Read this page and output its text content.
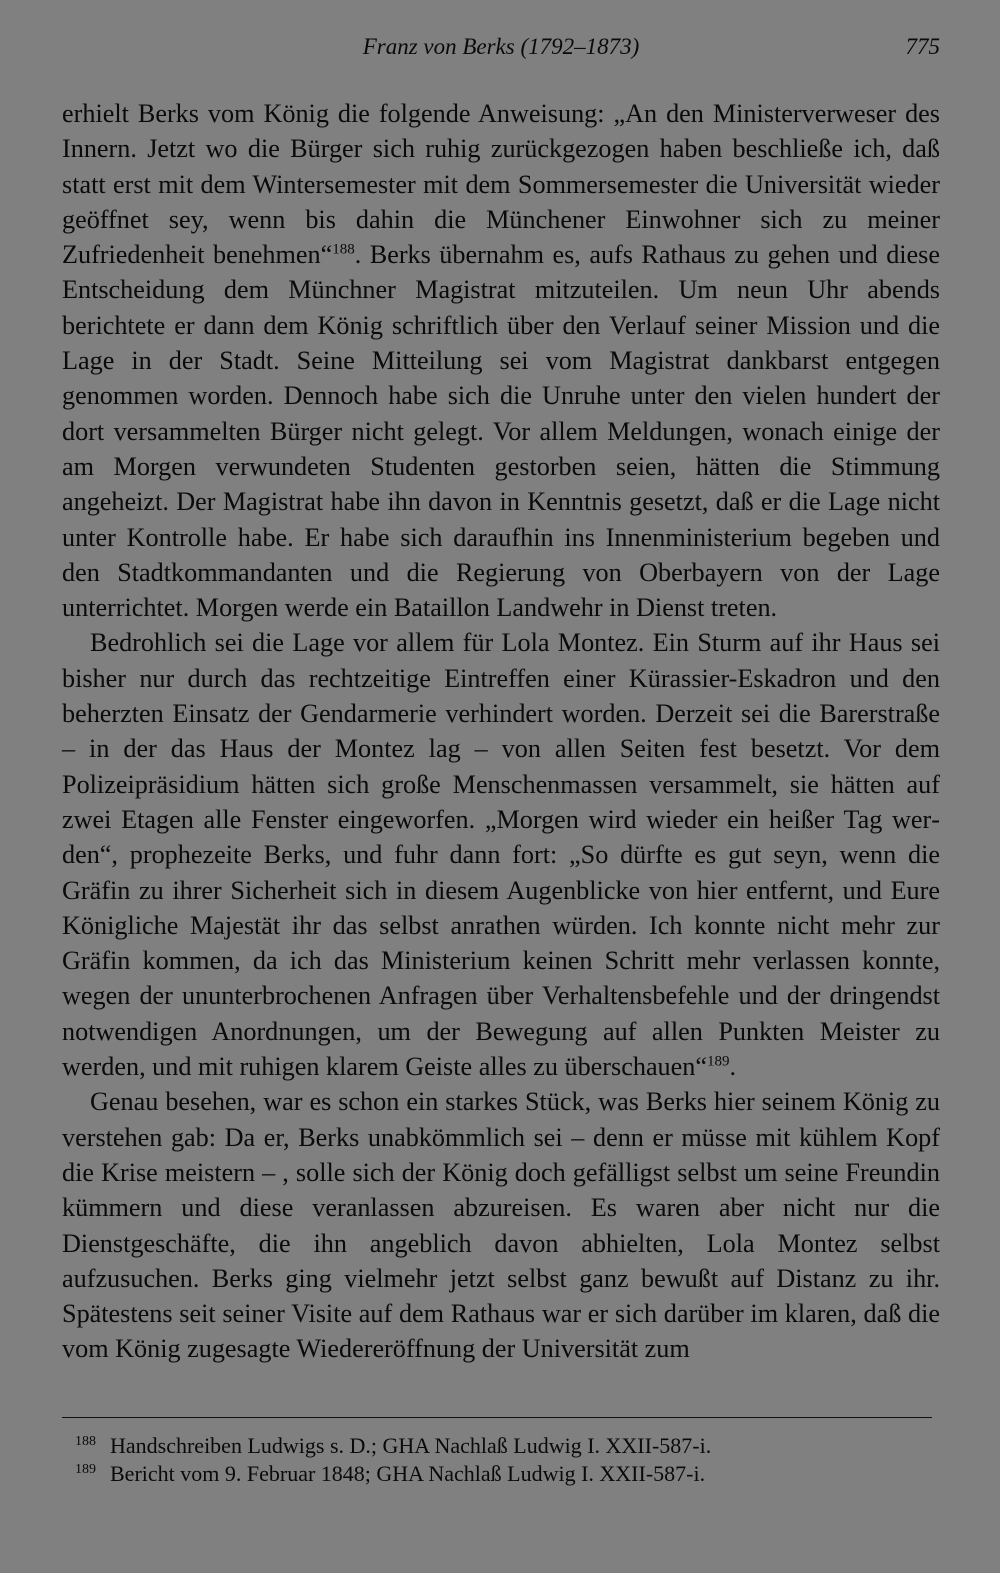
Franz von Berks (1792–1873)	775

erhielt Berks vom König die folgende Anweisung: „An den Ministerverweser des Innern. Jetzt wo die Bürger sich ruhig zurückgezogen haben beschließe ich, daß statt erst mit dem Wintersemester mit dem Sommersemester die Universität wieder geöffnet sey, wenn bis dahin die Münchener Einwohner sich zu meiner Zufriedenheit benehmen“$^{188}$. Berks übernahm es, aufs Rathaus zu gehen und diese Entscheidung dem Münchner Magistrat mitzuteilen. Um neun Uhr abends berichtete er dann dem König schriftlich über den Verlauf seiner Mission und die Lage in der Stadt. Seine Mitteilung sei vom Magistrat dankbarst entgegen genommen worden. Dennoch habe sich die Unruhe unter den vielen hundert der dort versammelten Bürger nicht gelegt. Vor allem Meldungen, wonach einige der am Morgen verwundeten Studenten gestorben seien, hätten die Stimmung angeheizt. Der Magistrat habe ihn davon in Kenntnis gesetzt, daß er die Lage nicht unter Kontrolle habe. Er habe sich daraufhin ins Innenministerium begeben und den Stadtkommandanten und die Regierung von Oberbayern von der Lage unterrichtet. Morgen werde ein Bataillon Landwehr in Dienst treten.

Bedrohlich sei die Lage vor allem für Lola Montez. Ein Sturm auf ihr Haus sei bisher nur durch das rechtzeitige Eintreffen einer Kürassier-Eskadron und den beherzten Einsatz der Gendarmerie verhindert worden. Derzeit sei die Barerstraße – in der das Haus der Montez lag – von allen Seiten fest besetzt. Vor dem Polizeipräsidium hätten sich große Menschenmassen versammelt, sie hätten auf zwei Etagen alle Fenster eingeworfen. „Morgen wird wieder ein heißer Tag werden“, prophezeite Berks, und fuhr dann fort: „So dürfte es gut seyn, wenn die Gräfin zu ihrer Sicherheit sich in diesem Augenblicke von hier entfernt, und Eure Königliche Majestät ihr das selbst anrathen würden. Ich konnte nicht mehr zur Gräfin kommen, da ich das Ministerium keinen Schritt mehr verlassen konnte, wegen der ununterbrochenen Anfragen über Verhaltensbefehle und der dringendst notwendigen Anordnungen, um der Bewegung auf allen Punkten Meister zu werden, und mit ruhigen klarem Geiste alles zu überschauen“$^{189}$.

Genau besehen, war es schon ein starkes Stück, was Berks hier seinem König zu verstehen gab: Da er, Berks unabkömmlich sei – denn er müsse mit kühlem Kopf die Krise meistern – , solle sich der König doch gefälligst selbst um seine Freundin kümmern und diese veranlassen abzureisen. Es waren aber nicht nur die Dienstgeschäfte, die ihn angeblich davon abhielten, Lola Montez selbst aufzusuchen. Berks ging vielmehr jetzt selbst ganz bewußt auf Distanz zu ihr. Spätestens seit seiner Visite auf dem Rathaus war er sich darüber im klaren, daß die vom König zugesagte Wiedereröffnung der Universität zum

$^{188}$ Handschreiben Ludwigs s. D.; GHA Nachlaß Ludwig I. XXII-587-i.

$^{189}$ Bericht vom 9. Februar 1848; GHA Nachlaß Ludwig I. XXII-587-i.
